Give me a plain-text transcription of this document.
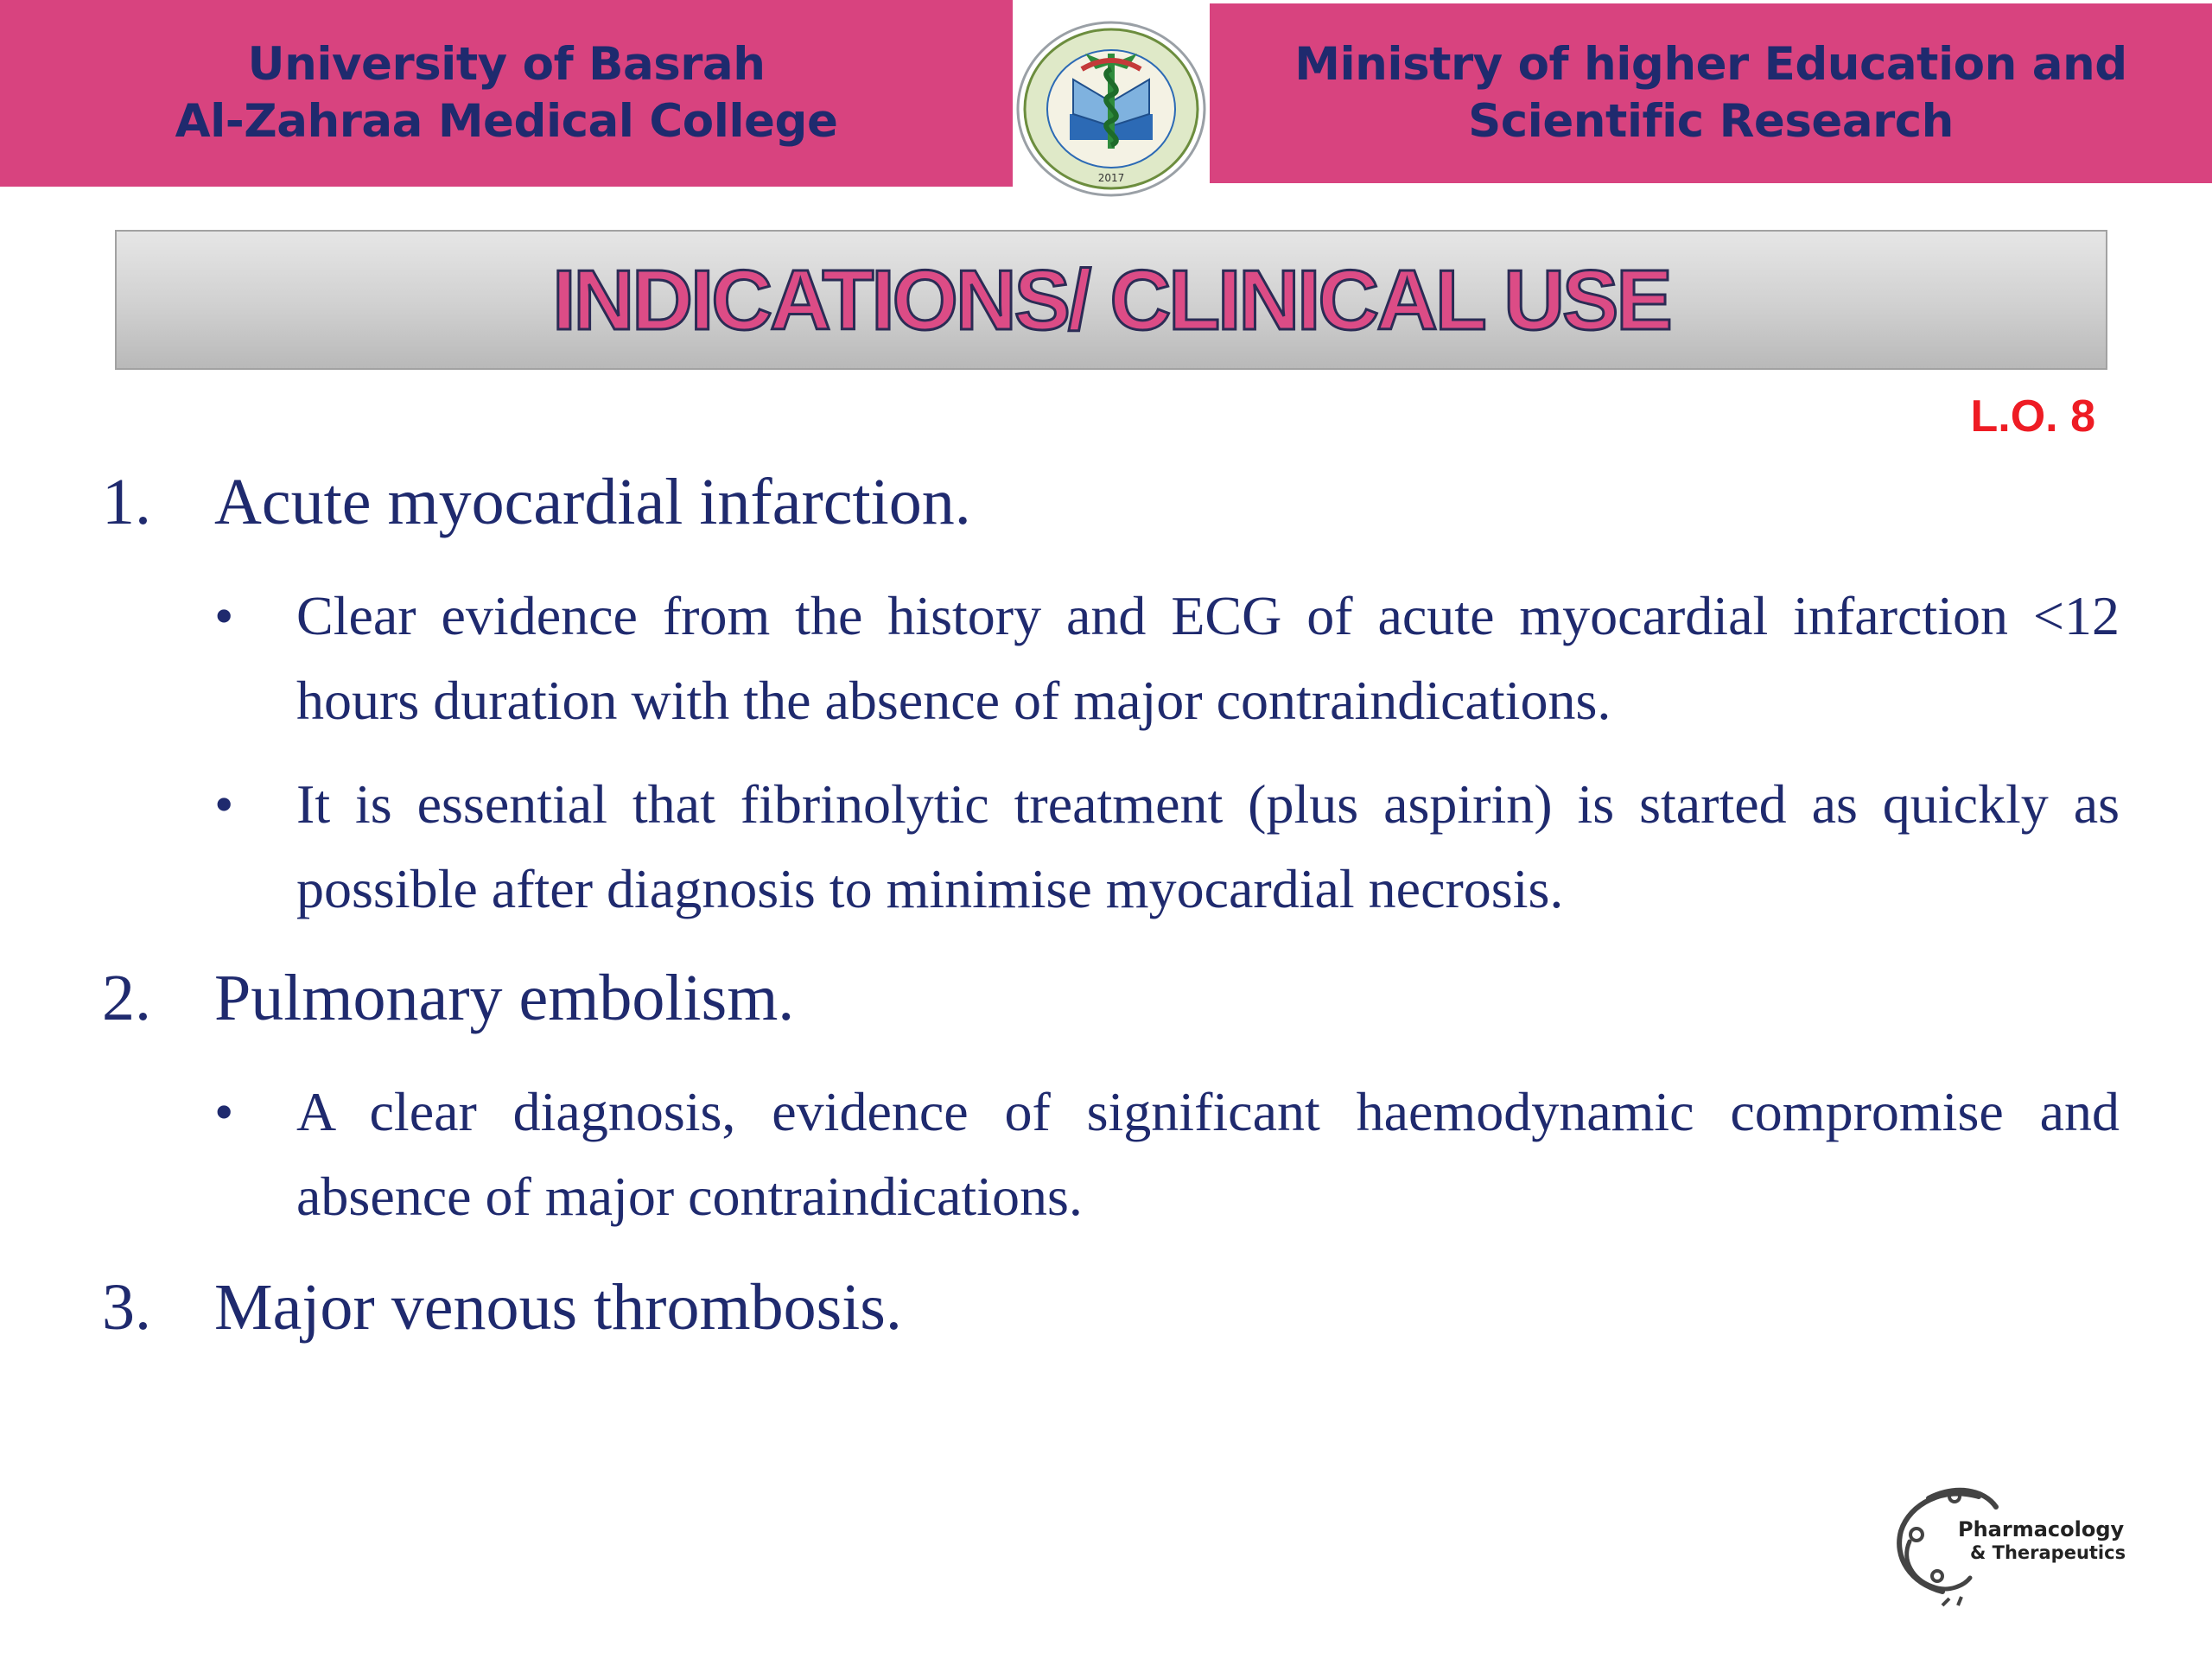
University of Basrah
Al-Zahraa Medical College
2017
Ministry of higher Education and
Scientific Research
INDICATIONS/ CLINICAL USE
L.O. 8
1. Acute myocardial infarction.
• Clear evidence from the history and ECG of acute myocardial infarction <12 hours duration with the absence of major contraindications.
• It is essential that fibrinolytic treatment (plus aspirin) is started as quickly as possible after diagnosis to minimise myocardial necrosis.
2. Pulmonary embolism.
• A clear diagnosis, evidence of significant haemodynamic compromise and absence of major contraindications.
3. Major venous thrombosis.
Pharmacology
& Therapeutics
